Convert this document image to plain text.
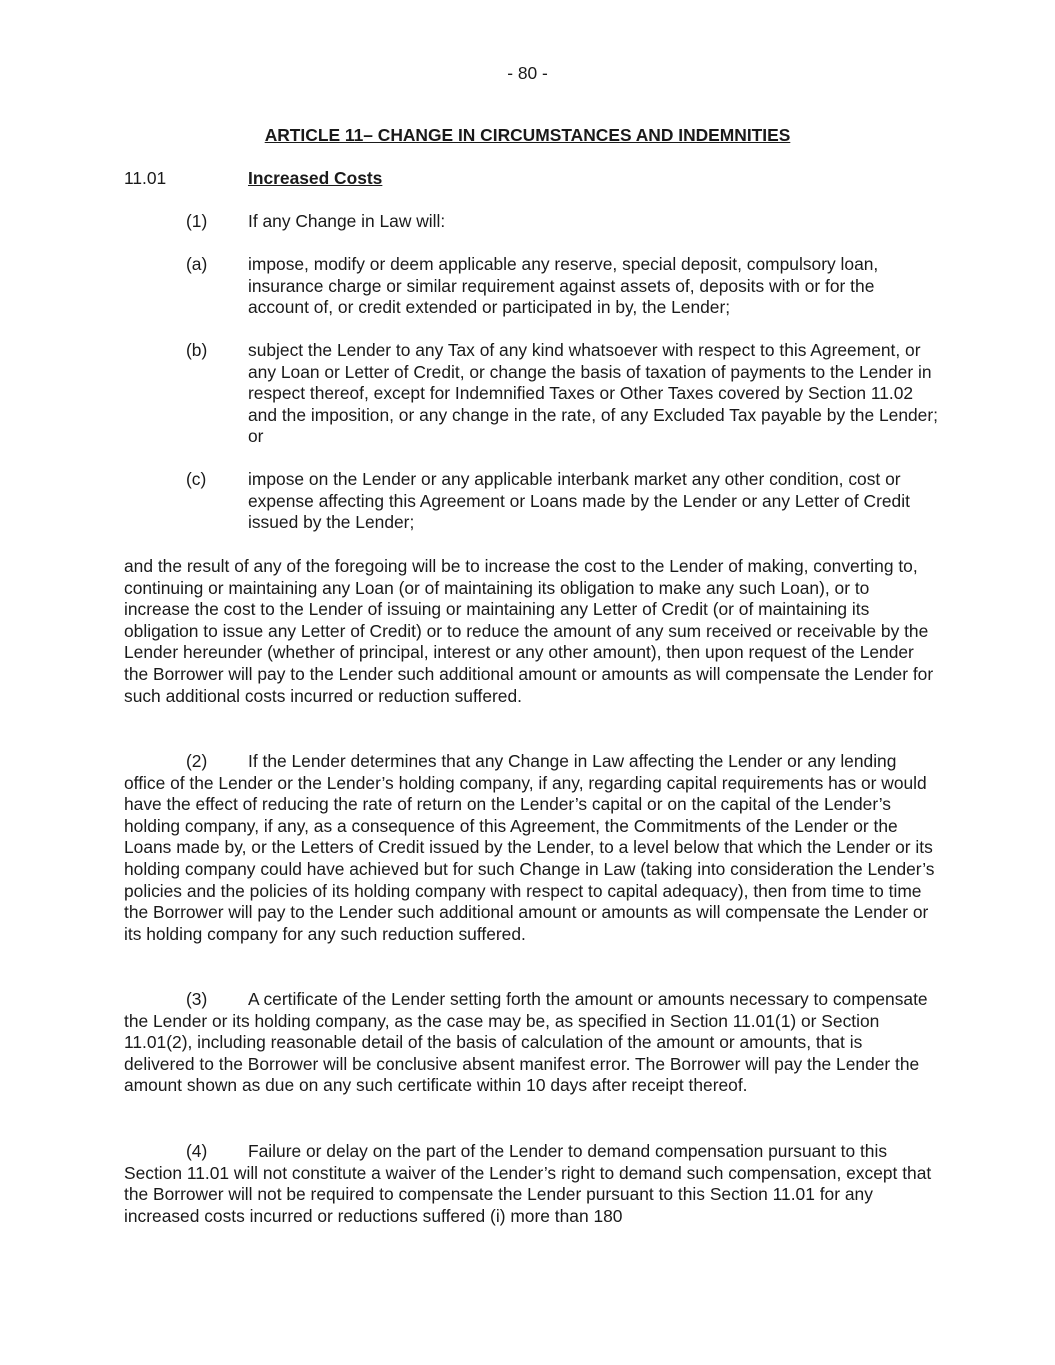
- 80 -
ARTICLE 11– CHANGE IN CIRCUMSTANCES AND INDEMNITIES
11.01	Increased Costs
(1) If any Change in Law will:
(a) impose, modify or deem applicable any reserve, special deposit, compulsory loan, insurance charge or similar requirement against assets of, deposits with or for the account of, or credit extended or participated in by, the Lender;
(b) subject the Lender to any Tax of any kind whatsoever with respect to this Agreement, or any Loan or Letter of Credit, or change the basis of taxation of payments to the Lender in respect thereof, except for Indemnified Taxes or Other Taxes covered by Section 11.02 and the imposition, or any change in the rate, of any Excluded Tax payable by the Lender; or
(c) impose on the Lender or any applicable interbank market any other condition, cost or expense affecting this Agreement or Loans made by the Lender or any Letter of Credit issued by the Lender;
and the result of any of the foregoing will be to increase the cost to the Lender of making, converting to, continuing or maintaining any Loan (or of maintaining its obligation to make any such Loan), or to increase the cost to the Lender of issuing or maintaining any Letter of Credit (or of maintaining its obligation to issue any Letter of Credit) or to reduce the amount of any sum received or receivable by the Lender hereunder (whether of principal, interest or any other amount), then upon request of the Lender the Borrower will pay to the Lender such additional amount or amounts as will compensate the Lender for such additional costs incurred or reduction suffered.
(2) If the Lender determines that any Change in Law affecting the Lender or any lending office of the Lender or the Lender’s holding company, if any, regarding capital requirements has or would have the effect of reducing the rate of return on the Lender’s capital or on the capital of the Lender’s holding company, if any, as a consequence of this Agreement, the Commitments of the Lender or the Loans made by, or the Letters of Credit issued by the Lender, to a level below that which the Lender or its holding company could have achieved but for such Change in Law (taking into consideration the Lender’s policies and the policies of its holding company with respect to capital adequacy), then from time to time the Borrower will pay to the Lender such additional amount or amounts as will compensate the Lender or its holding company for any such reduction suffered.
(3) A certificate of the Lender setting forth the amount or amounts necessary to compensate the Lender or its holding company, as the case may be, as specified in Section 11.01(1) or Section 11.01(2), including reasonable detail of the basis of calculation of the amount or amounts, that is delivered to the Borrower will be conclusive absent manifest error. The Borrower will pay the Lender the amount shown as due on any such certificate within 10 days after receipt thereof.
(4) Failure or delay on the part of the Lender to demand compensation pursuant to this Section 11.01 will not constitute a waiver of the Lender’s right to demand such compensation, except that the Borrower will not be required to compensate the Lender pursuant to this Section 11.01 for any increased costs incurred or reductions suffered (i) more than 180
